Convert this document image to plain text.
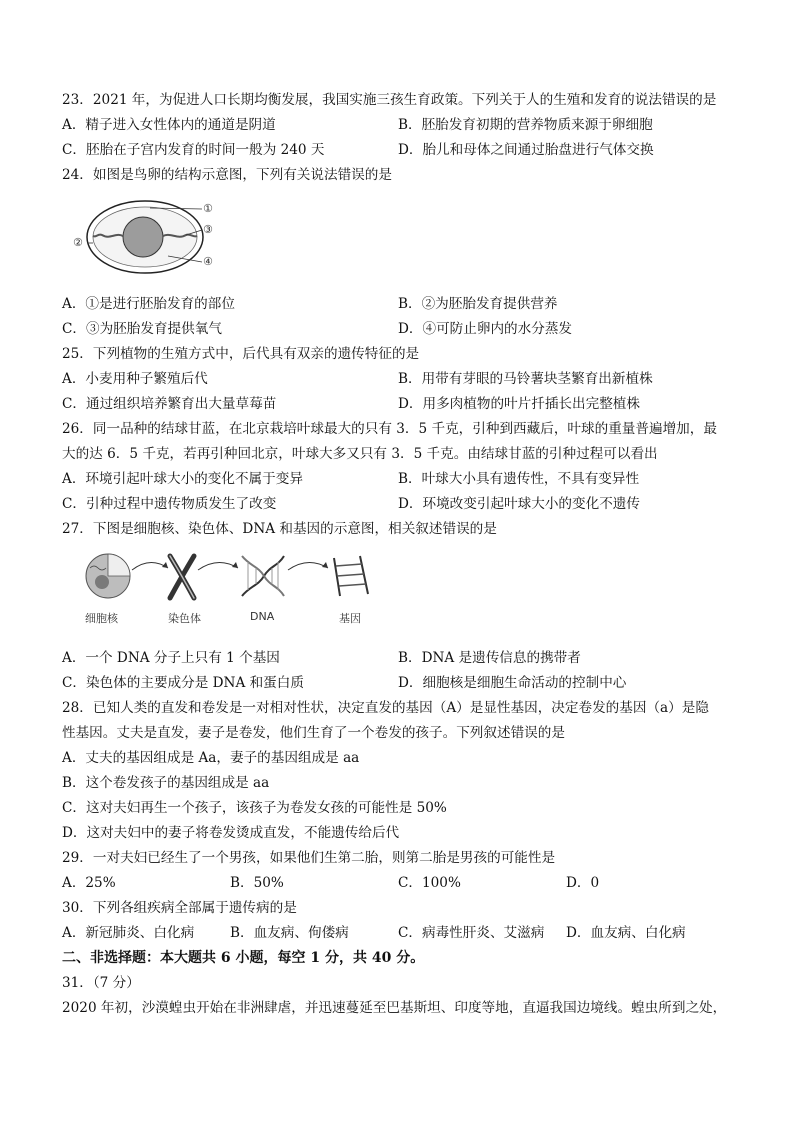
23．2021 年，为促进人口长期均衡发展，我国实施三孩生育政策。下列关于人的生殖和发育的说法错误的是
A．精子进入女性体内的通道是阴道	B．胚胎发育初期的营养物质来源于卵细胞
C．胚胎在子宫内发育的时间一般为 240 天	D．胎儿和母体之间通过胎盘进行气体交换
24．如图是鸟卵的结构示意图，下列有关说法错误的是
①
②
③
④
A．①是进行胚胎发育的部位	B．②为胚胎发育提供营养
C．③为胚胎发育提供氧气	D．④可防止卵内的水分蒸发
25．下列植物的生殖方式中，后代具有双亲的遗传特征的是
A．小麦用种子繁殖后代	B．用带有芽眼的马铃薯块茎繁育出新植株
C．通过组织培养繁育出大量草莓苗	D．用多肉植物的叶片扦插长出完整植株
26．同一品种的结球甘蓝，在北京栽培叶球最大的只有 3．5 千克，引种到西藏后，叶球的重量普遍增加，最
大的达 6．5 千克，若再引种回北京，叶球大多又只有 3．5 千克。由结球甘蓝的引种过程可以看出
A．环境引起叶球大小的变化不属于变异	B．叶球大小具有遗传性，不具有变异性
C．引种过程中遗传物质发生了改变	D．环境改变引起叶球大小的变化不遗传
27．下图是细胞核、染色体、DNA 和基因的示意图，相关叙述错误的是
细胞核	染色体	DNA	基因
A．一个 DNA 分子上只有 1 个基因	B．DNA 是遗传信息的携带者
C．染色体的主要成分是 DNA 和蛋白质	D．细胞核是细胞生命活动的控制中心
28．已知人类的直发和卷发是一对相对性状，决定直发的基因（A）是显性基因，决定卷发的基因（a）是隐
性基因。丈夫是直发，妻子是卷发，他们生育了一个卷发的孩子。下列叙述错误的是
A．丈夫的基因组成是 Aa，妻子的基因组成是 aa
B．这个卷发孩子的基因组成是 aa
C．这对夫妇再生一个孩子，该孩子为卷发女孩的可能性是 50%
D．这对夫妇中的妻子将卷发烫成直发，不能遗传给后代
29．一对夫妇已经生了一个男孩，如果他们生第二胎，则第二胎是男孩的可能性是
A．25%	B．50%	C．100%	D．0
30．下列各组疾病全部属于遗传病的是
A．新冠肺炎、白化病	B．血友病、佝偻病	C．病毒性肝炎、艾滋病 D．血友病、白化病
二、非选择题：本大题共 6 小题，每空 1 分，共 40 分。
31．（7 分）
2020 年初，沙漠蝗虫开始在非洲肆虐，并迅速蔓延至巴基斯坦、印度等地，直逼我国边境线。蝗虫所到之处，
